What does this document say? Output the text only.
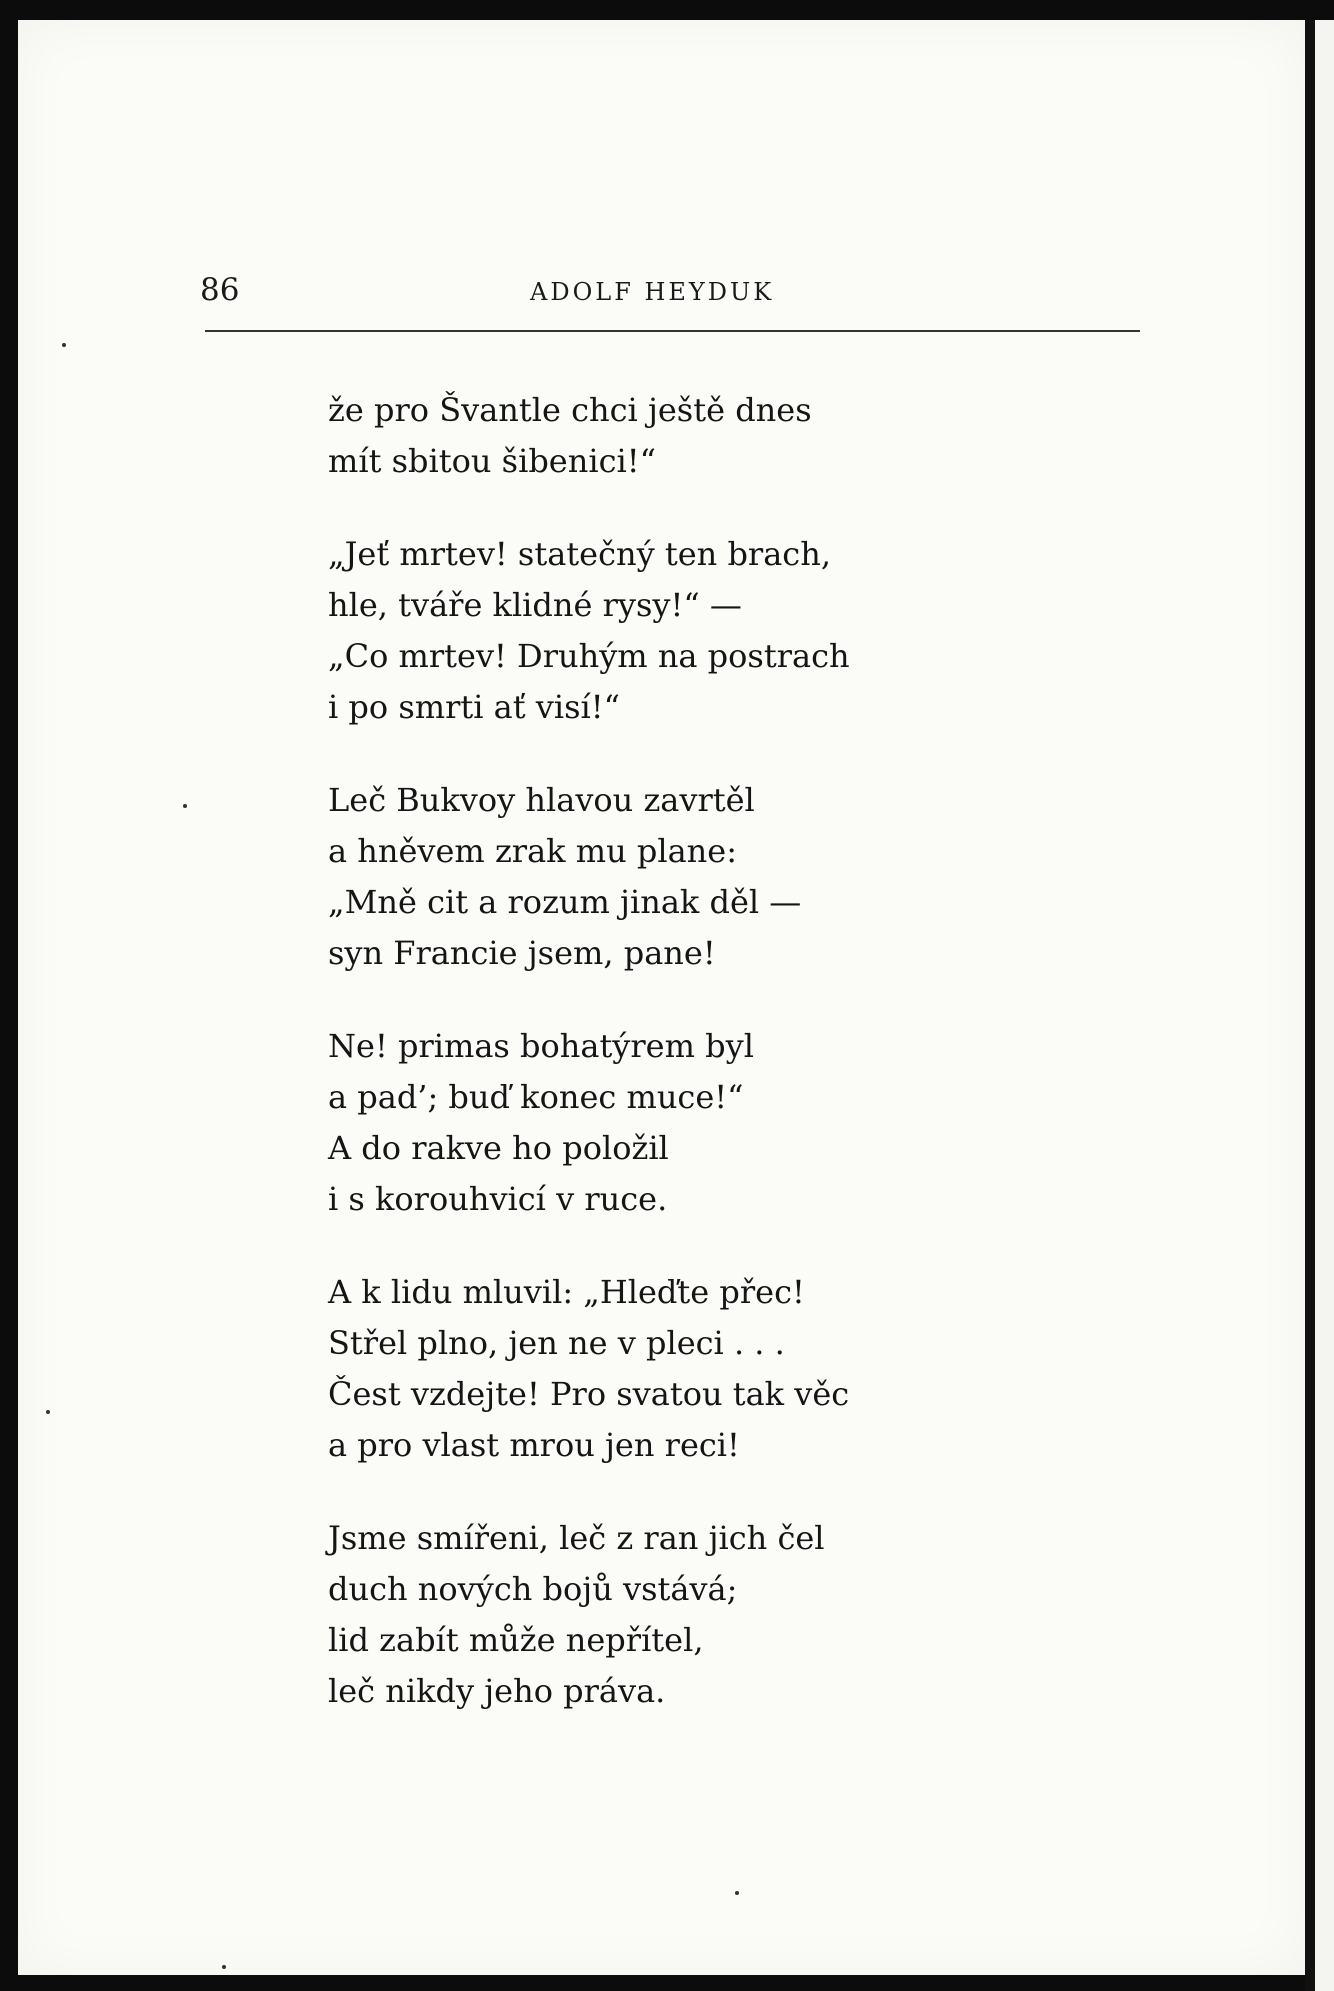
86	ADOLF HEYDUK
že pro Švantle chci ještě dnes
mít sbitou šibenici!“
„Jeť mrtev! statečný ten brach,
hle, tváře klidné rysy!“ —
„Co mrtev! Druhým na postrach
i po smrti ať visí!“
Leč Bukvoy hlavou zavrtěl
a hněvem zrak mu plane:
„Mně cit a rozum jinak děl —
syn Francie jsem, pane!
Ne! primas bohatýrem byl
a pad’; buď konec muce!“
A do rakve ho položil
i s korouhvicí v ruce.
A k lidu mluvil: „Hleďte přec!
Střel plno, jen ne v pleci . . .
Čest vzdejte! Pro svatou tak věc
a pro vlast mrou jen reci!
Jsme smířeni, leč z ran jich čel
duch nových bojů vstává;
lid zabít může nepřítel,
leč nikdy jeho práva.
